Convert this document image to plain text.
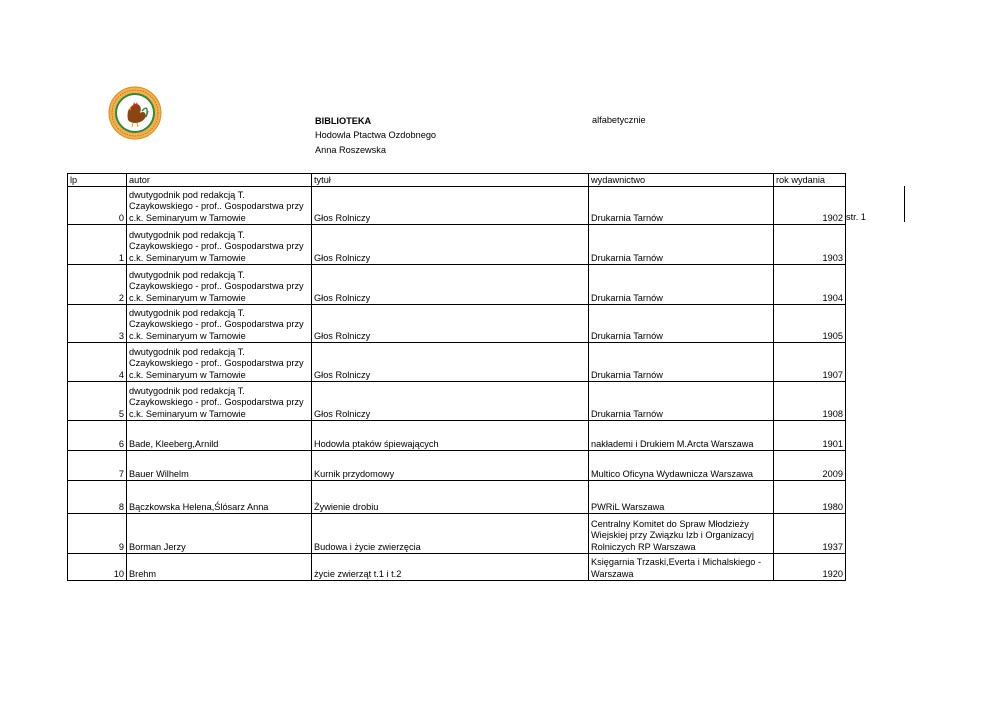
BIBLIOTEKA
Hodowla Ptactwa Ozdobnego
Anna Roszewska
alfabetycznie
lp	autor	tytuł	wydawnictwo	rok wydania
0	dwutygodnik pod redakcją T. Czaykowskiego - prof.. Gospodarstwa przy c.k. Seminaryum w Tarnowie	Głos Rolniczy	Drukarnia Tarnów	1902
1	dwutygodnik pod redakcją T. Czaykowskiego - prof.. Gospodarstwa przy c.k. Seminaryum w Tarnowie	Głos Rolniczy	Drukarnia Tarnów	1903
2	dwutygodnik pod redakcją T. Czaykowskiego - prof.. Gospodarstwa przy c.k. Seminaryum w Tarnowie	Głos Rolniczy	Drukarnia Tarnów	1904
3	dwutygodnik pod redakcją T. Czaykowskiego - prof.. Gospodarstwa przy c.k. Seminaryum w Tarnowie	Głos Rolniczy	Drukarnia Tarnów	1905
4	dwutygodnik pod redakcją T. Czaykowskiego - prof.. Gospodarstwa przy c.k. Seminaryum w Tarnowie	Głos Rolniczy	Drukarnia Tarnów	1907
5	dwutygodnik pod redakcją T. Czaykowskiego - prof.. Gospodarstwa przy c.k. Seminaryum w Tarnowie	Głos Rolniczy	Drukarnia Tarnów	1908
6	Bade, Kleeberg,Arnild	Hodowla ptaków śpiewających	nakłademi i Drukiem M.Arcta Warszawa	1901
7	Bauer Wilhelm	Kurnik przydomowy	Multico Oficyna Wydawnicza Warszawa	2009
8	Bączkowska Helena,Ślósarz Anna	Żywienie drobiu	PWRiL Warszawa	1980
9	Borman Jerzy	Budowa i życie zwierzęcia	Centralny Komitet do Spraw Młodzieży Wiejskiej przy Związku Izb i Organizacyj Rolniczych RP Warszawa	1937
10	Brehm	życie zwierząt t.1 i t.2	Księgarnia Trzaski,Everta i Michalskiego - Warszawa	1920
str. 1
